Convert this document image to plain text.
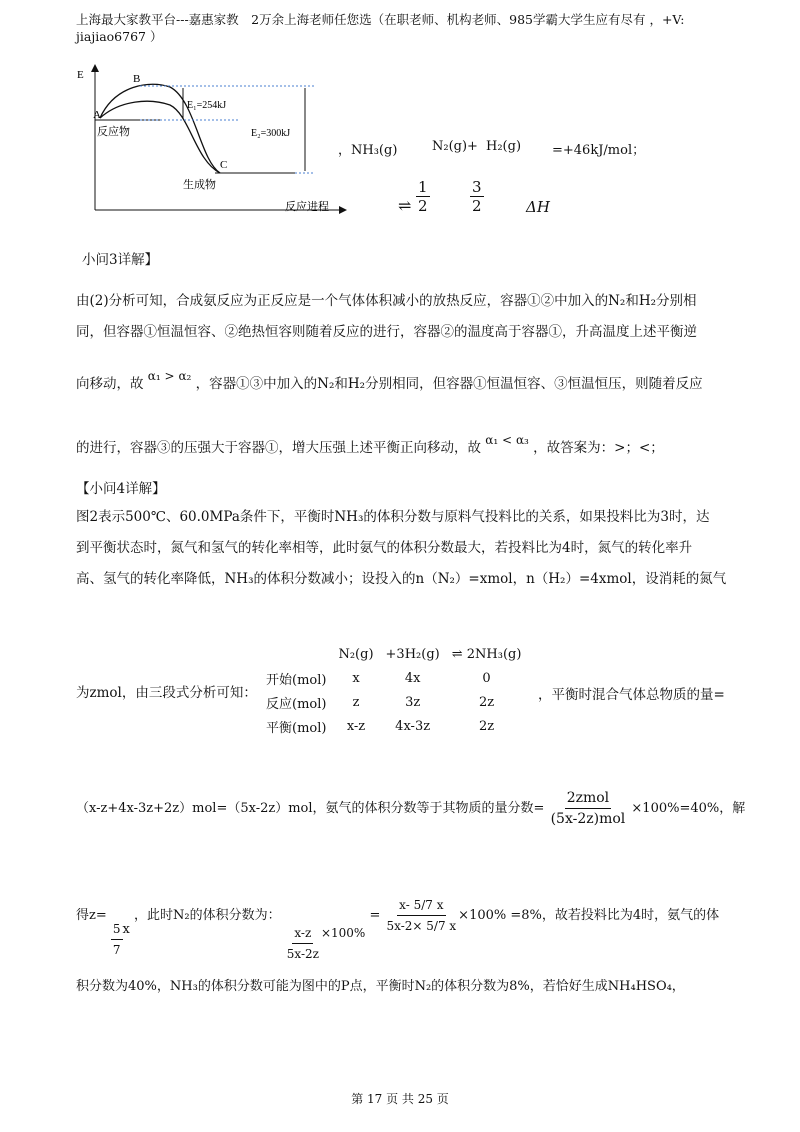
上海最大家教平台---嘉惠家教　2万余上海老师任您选（在职老师、机构老师、985学霸大学生应有尽有 ，+V:
jiajiao6767 ）
E
A
B
C
反应物
生成物
E₁=254kJ
E₂=300kJ
反应进程
，NH₃(g)	N₂(g)+ H₂(g) =+46kJ/mol；
⇌ $\frac{1}{2}$	$\frac{3}{2}$	ΔH
小问3详解】
由(2)分析可知，合成氨反应为正反应是一个气体体积减小的放热反应，容器①②中加入的N₂和H₂分别相
同，但容器①恒温恒容、②绝热恒容则随着反应的进行，容器②的温度高于容器①，升高温度上述平衡逆
向移动，故 α₁ > α₂ ，容器①③中加入的N₂和H₂分别相同，但容器①恒温恒容、③恒温恒压，则随着反应
的进行，容器③的压强大于容器①，增大压强上述平衡正向移动，故 α₁ < α₃ ，故答案为：>；<；
【小问4详解】
图2表示500℃、60.0MPa条件下，平衡时NH₃的体积分数与原料气投料比的关系，如果投料比为3时，达
到平衡状态时，氮气和氢气的转化率相等，此时氨气的体积分数最大，若投料比为4时，氮气的转化率升
高、氢气的转化率降低，NH₃的体积分数减小；设投入的n（N₂）=xmol，n（H₂）=4xmol，设消耗的氮气
为zmol，由三段式分析可知：
	N₂(g)	+3H₂(g)	⇌ 2NH₃(g)
开始(mol)	x	4x	0
反应(mol)	z	3z	2z
平衡(mol)	x-z	4x-3z	2z
，平衡时混合气体总物质的量=
（x-z+4x-3z+2z）mol=（5x-2z）mol，氨气的体积分数等于其物质的量分数= $\frac{\text{2zmol}}{\text{(5x-2z)mol}} \times 100\%=40\%$，解
得z=
$\frac{5}{7}$ x ，此时N₂的体积分数为：
$\frac{x-z}{5x-2z} \times 100\% = \frac{x- 5/7 x}{5x-2\times 5/7 x} \times 100\% =8\%$，故若投料比为4时，氨气的体
积分数为40%，NH₃的体积分数可能为图中的P点，平衡时N₂的体积分数为8%，若恰好生成NH₄HSO₄，
第 17 页 共 25 页
